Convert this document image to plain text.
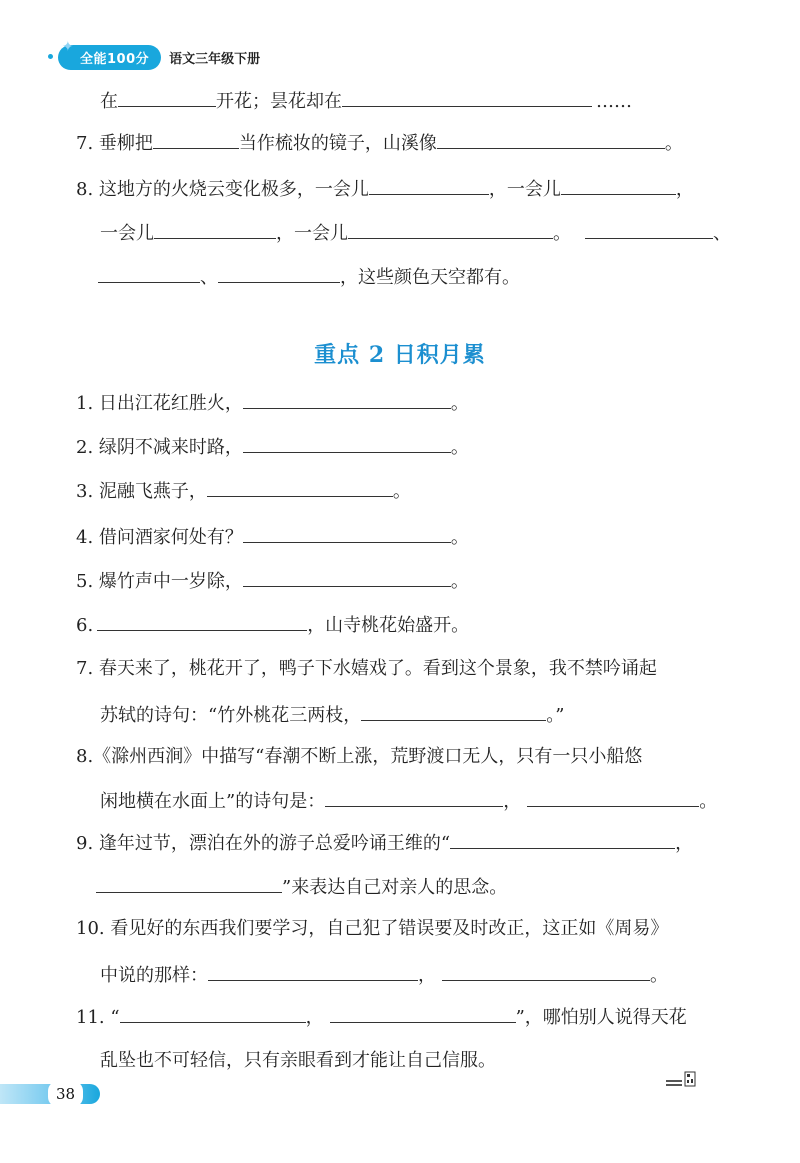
✦
全能100分	语文三年级下册
在	开花；昙花却在	……
7. 垂柳把	当作梳妆的镜子，山溪像	。
8. 这地方的火烧云变化极多，一会儿	，一会儿	，
一会儿	，一会儿	。	、
、	，这些颜色天空都有。
重点 2 日积月累
1. 日出江花红胜火，	。
2. 绿阴不减来时路，	。
3. 泥融飞燕子，	。
4. 借问酒家何处有？	。
5. 爆竹声中一岁除，	。
6.	，山寺桃花始盛开。
7. 春天来了，桃花开了，鸭子下水嬉戏了。看到这个景象，我不禁吟诵起
苏轼的诗句：“竹外桃花三两枝，	。”
8.《滁州西涧》中描写“春潮不断上涨，荒野渡口无人，只有一只小船悠
闲地横在水面上”的诗句是：	，	。
9. 逢年过节，漂泊在外的游子总爱吟诵王维的“	，
”来表达自己对亲人的思念。
10. 看见好的东西我们要学习，自己犯了错误要及时改正，这正如《周易》
中说的那样：	，	。
11. “	，	”，哪怕别人说得天花
乱坠也不可轻信，只有亲眼看到才能让自己信服。
38
